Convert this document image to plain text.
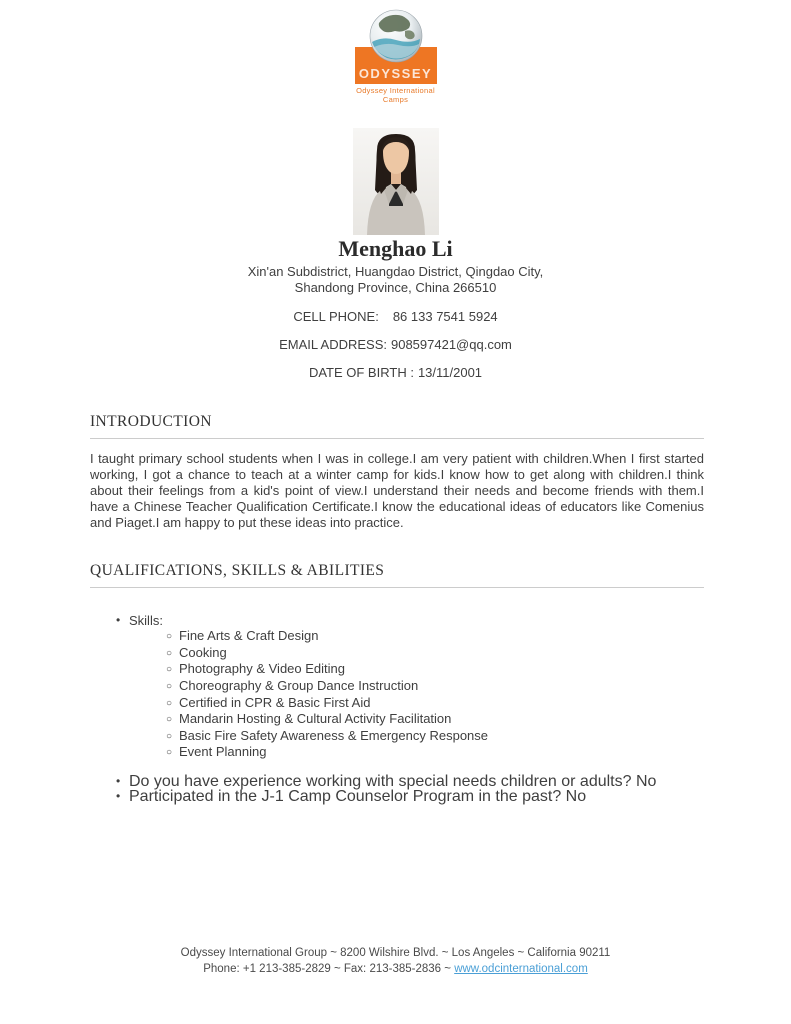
ODYSSEY
Odyssey International Camps
Menghao Li
Xin'an Subdistrict, Huangdao District, Qingdao City,
Shandong Province, China 266510
CELL PHONE: 86 133 7541 5924
EMAIL ADDRESS: 908597421@qq.com
DATE OF BIRTH : 13/11/2001
INTRODUCTION
I taught primary school students when I was in college.I am very patient with children.When I first started working, I got a chance to teach at a winter camp for kids.I know how to get along with children.I think about their feelings from a kid's point of view.I understand their needs and become friends with them.I have a Chinese Teacher Qualification Certificate.I know the educational ideas of educators like Comenius and Piaget.I am happy to put these ideas into practice.
QUALIFICATIONS, SKILLS & ABILITIES
• Skills:
○ Fine Arts & Craft Design
○ Cooking
○ Photography & Video Editing
○ Choreography & Group Dance Instruction
○ Certified in CPR & Basic First Aid
○ Mandarin Hosting & Cultural Activity Facilitation
○ Basic Fire Safety Awareness & Emergency Response
○ Event Planning
• Do you have experience working with special needs children or adults? No
• Participated in the J-1 Camp Counselor Program in the past? No
Odyssey International Group ~ 8200 Wilshire Blvd. ~ Los Angeles ~ California 90211
Phone: +1 213-385-2829 ~ Fax: 213-385-2836 ~ www.odcinternational.com
